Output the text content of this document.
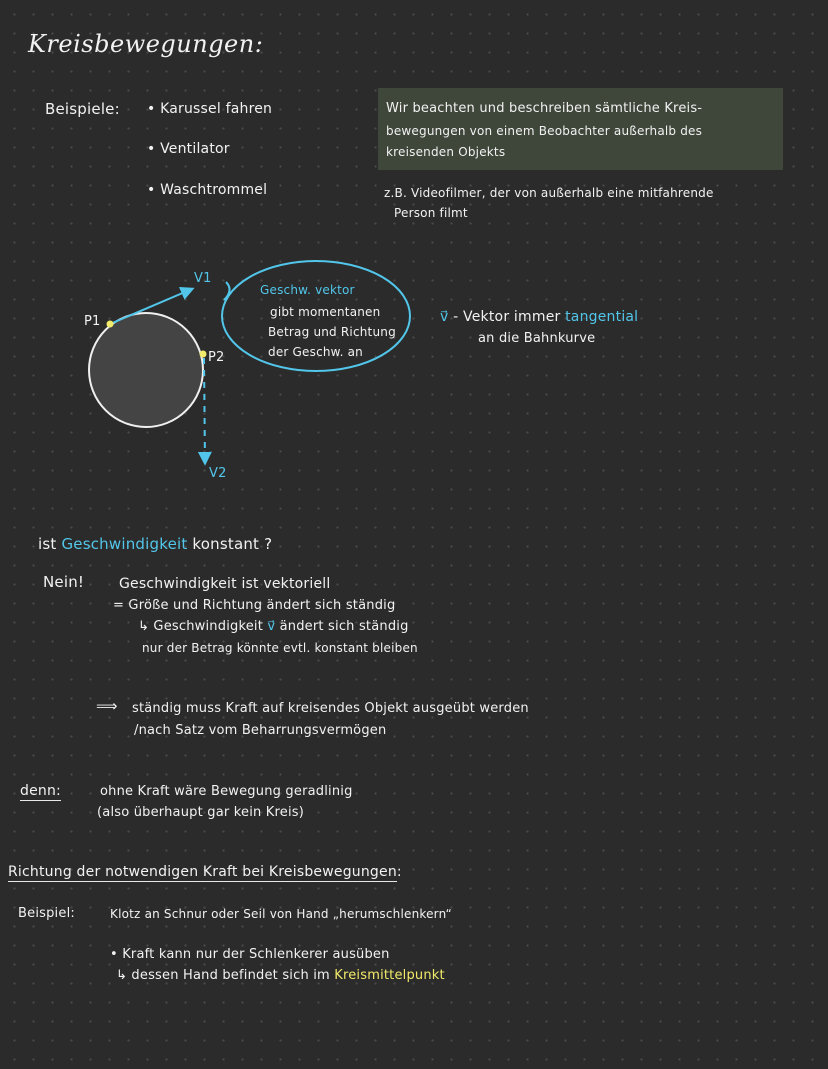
Kreisbewegungen:
Beispiele: • Karussel fahren
• Ventilator
• Waschtrommel
Wir beachten und beschreiben sämtliche Kreis-
bewegungen von einem Beobachter außerhalb des
kreisenden Objekts
z.B. Videofilmer, der von außerhalb eine mitfahrende
Person filmt
P1
P2
V1
V2
Geschw. vektor
gibt momentanen
Betrag und Richtung
der Geschw. an
v⃗ - Vektor immer tangential
an die Bahnkurve
ist Geschwindigkeit konstant ?
Nein! Geschwindigkeit ist vektoriell
= Größe und Richtung ändert sich ständig
↳ Geschwindigkeit v⃗ ändert sich ständig
nur der Betrag könnte evtl. konstant bleiben
⟹ ständig muss Kraft auf kreisendes Objekt ausgeübt werden
/nach Satz vom Beharrungsvermögen
denn:	ohne Kraft wäre Bewegung geradlinig
(also überhaupt gar kein Kreis)
Richtung der notwendigen Kraft bei Kreisbewegungen:
Beispiel:	Klotz an Schnur oder Seil von Hand „herumschlenkern“
• Kraft kann nur der Schlenkerer ausüben
↳ dessen Hand befindet sich im Kreismittelpunkt
